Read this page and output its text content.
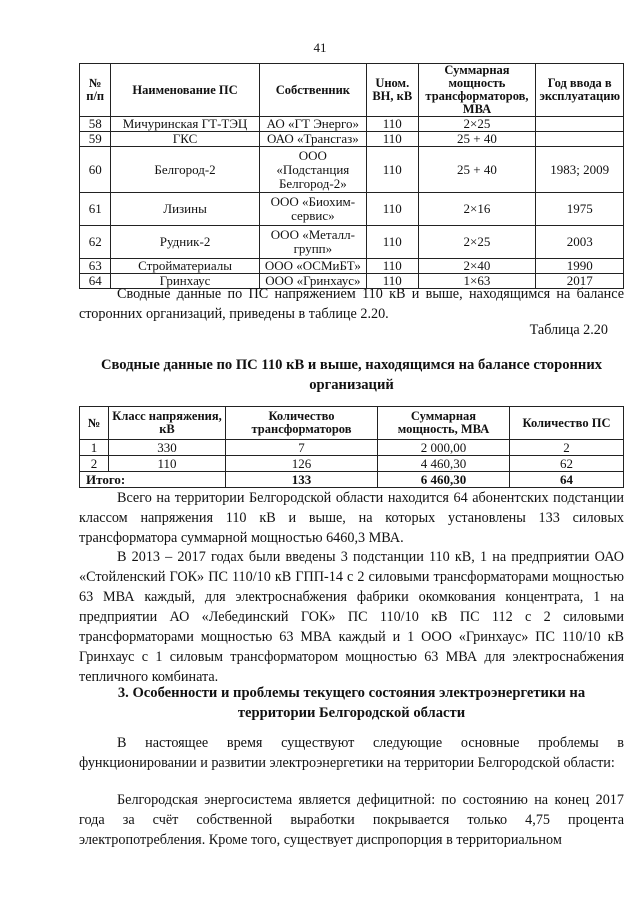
41
№ п/п	Наименование ПС	Собственник	Uном. ВН, кВ	Суммарная мощность трансформаторов, МВА	Год ввода в эксплуатацию
58	Мичуринская ГТ-ТЭЦ	АО «ГТ Энерго»	110	2×25	
59	ГКС	ОАО «Трансгаз»	110	25 + 40	
60	Белгород-2	ООО «Подстанция Белгород-2»	110	25 + 40	1983; 2009
61	Лизины	ООО «Биохим-сервис»	110	2×16	1975
62	Рудник-2	ООО «Металл-групп»	110	2×25	2003
63	Стройматериалы	ООО «ОСМиБТ»	110	2×40	1990
64	Гринхаус	ООО «Гринхаус»	110	1×63	2017
Сводные данные по ПС напряжением 110 кВ и выше, находящимся на балансе сторонних организаций, приведены в таблице 2.20.
Таблица 2.20
Сводные данные по ПС 110 кВ и выше, находящимся на балансе сторонних организаций
№	Класс напряжения, кВ	Количество трансформаторов	Суммарная мощность, МВА	Количество ПС
1	330	7	2 000,00	2
2	110	126	4 460,30	62
Итого:		133	6 460,30	64
Всего на территории Белгородской области находится 64 абонентских подстанции классом напряжения 110 кВ и выше, на которых установлены 133 силовых трансформатора суммарной мощностью 6460,3 МВА.
В 2013 – 2017 годах были введены 3 подстанции 110 кВ, 1 на предприятии ОАО «Стойленский ГОК» ПС 110/10 кВ ГПП-14 с 2 силовыми трансформаторами мощностью 63 МВА каждый, для электроснабжения фабрики окомкования концентрата, 1 на предприятии АО «Лебединский ГОК» ПС 110/10 кВ ПС 112 с 2 силовыми трансформаторами мощностью 63 МВА каждый и 1 ООО «Гринхаус» ПС 110/10 кВ Гринхаус с 1 силовым трансформатором мощностью 63 МВА для электроснабжения тепличного комбината.
3. Особенности и проблемы текущего состояния электроэнергетики на территории Белгородской области
В настоящее время существуют следующие основные проблемы в функционировании и развитии электроэнергетики на территории Белгородской области:
Белгородская энергосистема является дефицитной: по состоянию на конец 2017 года за счёт собственной выработки покрывается только 4,75 процента электропотребления. Кроме того, существует диспропорция в территориальном
